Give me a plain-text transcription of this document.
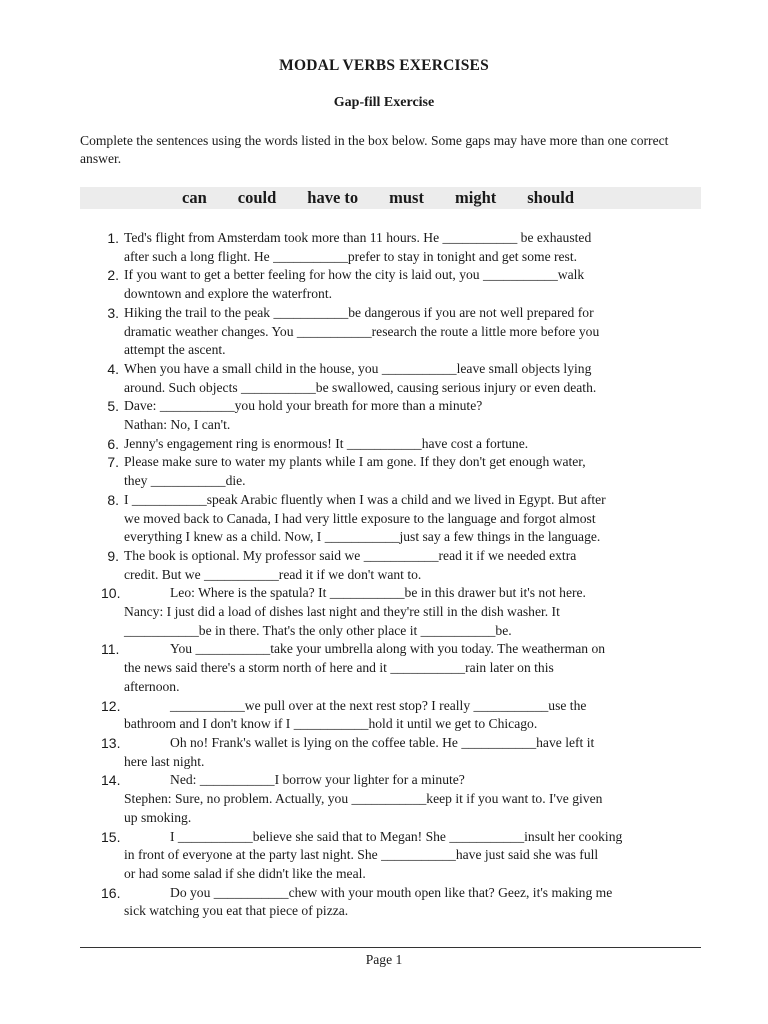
MODAL VERBS EXERCISES
Gap-fill Exercise
Complete the sentences using the words listed in the box below. Some gaps may have more than one correct answer.
can could have to must might should
1. Ted's flight from Amsterdam took more than 11 hours. He ___________ be exhausted
after such a long flight. He ___________prefer to stay in tonight and get some rest.
2. If you want to get a better feeling for how the city is laid out, you ___________walk
downtown and explore the waterfront.
3. Hiking the trail to the peak ___________be dangerous if you are not well prepared for
dramatic weather changes. You ___________research the route a little more before you
attempt the ascent.
4. When you have a small child in the house, you ___________leave small objects lying
around. Such objects ___________be swallowed, causing serious injury or even death.
5. Dave: ___________you hold your breath for more than a minute?
Nathan: No, I can't.
6. Jenny's engagement ring is enormous! It ___________have cost a fortune.
7. Please make sure to water my plants while I am gone. If they don't get enough water,
they ___________die.
8. I ___________speak Arabic fluently when I was a child and we lived in Egypt. But after
we moved back to Canada, I had very little exposure to the language and forgot almost
everything I knew as a child. Now, I ___________just say a few things in the language.
9. The book is optional. My professor said we ___________read it if we needed extra
credit. But we ___________read it if we don't want to.
10.	Leo: Where is the spatula? It ___________be in this drawer but it's not here.
Nancy: I just did a load of dishes last night and they're still in the dish washer. It
___________be in there. That's the only other place it ___________be.
11.	You ___________take your umbrella along with you today. The weatherman on
the news said there's a storm north of here and it ___________rain later on this
afternoon.
12.	___________we pull over at the next rest stop? I really ___________use the
bathroom and I don't know if I ___________hold it until we get to Chicago.
13.	Oh no! Frank's wallet is lying on the coffee table. He ___________have left it
here last night.
14.	Ned: ___________I borrow your lighter for a minute?
Stephen: Sure, no problem. Actually, you ___________keep it if you want to. I've given
up smoking.
15.	I ___________believe she said that to Megan! She ___________insult her cooking
in front of everyone at the party last night. She ___________have just said she was full
or had some salad if she didn't like the meal.
16.	Do you ___________chew with your mouth open like that? Geez, it's making me
sick watching you eat that piece of pizza.
Page 1
